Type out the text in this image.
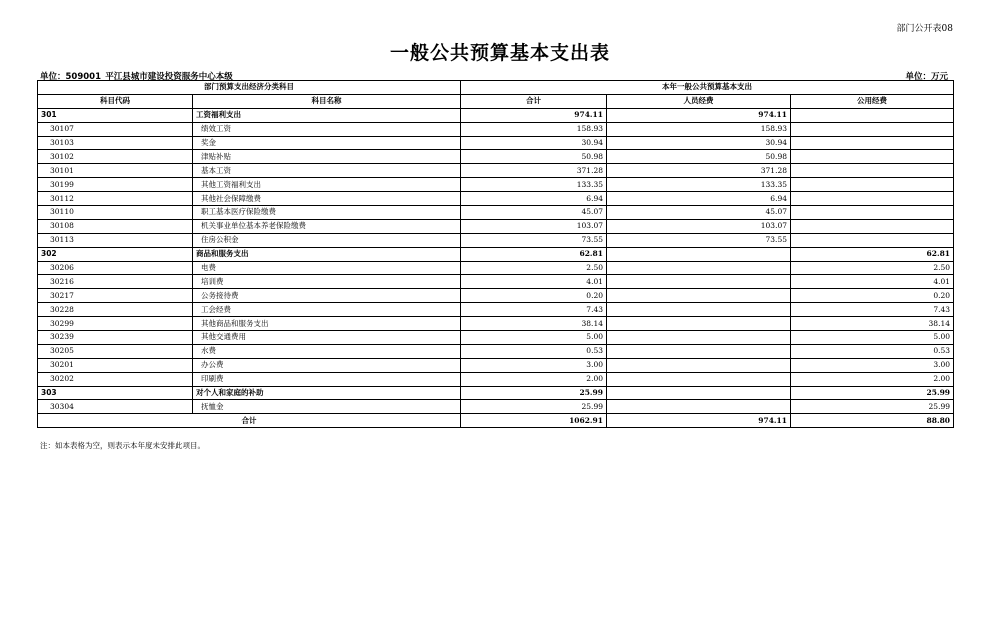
部门公开表08
一般公共预算基本支出表
单位：509001_平江县城市建设投资服务中心本级	单位：万元
部门预算支出经济分类科目		本年一般公共预算基本支出		
科目代码	科目名称	合计	人员经费	公用经费
301	工资福利支出	974.11	974.11	
30107	绩效工资	158.93	158.93	
30103	奖金	30.94	30.94	
30102	津贴补贴	50.98	50.98	
30101	基本工资	371.28	371.28	
30199	其他工资福利支出	133.35	133.35	
30112	其他社会保障缴费	6.94	6.94	
30110	职工基本医疗保险缴费	45.07	45.07	
30108	机关事业单位基本养老保险缴费	103.07	103.07	
30113	住房公积金	73.55	73.55	
302	商品和服务支出	62.81		62.81
30206	电费	2.50		2.50
30216	培训费	4.01		4.01
30217	公务接待费	0.20		0.20
30228	工会经费	7.43		7.43
30299	其他商品和服务支出	38.14		38.14
30239	其他交通费用	5.00		5.00
30205	水费	0.53		0.53
30201	办公费	3.00		3.00
30202	印刷费	2.00		2.00
303	对个人和家庭的补助	25.99		25.99
30304	抚恤金	25.99		25.99
合计		1062.91	974.11	88.80
注：如本表格为空，则表示本年度未安排此项目。
